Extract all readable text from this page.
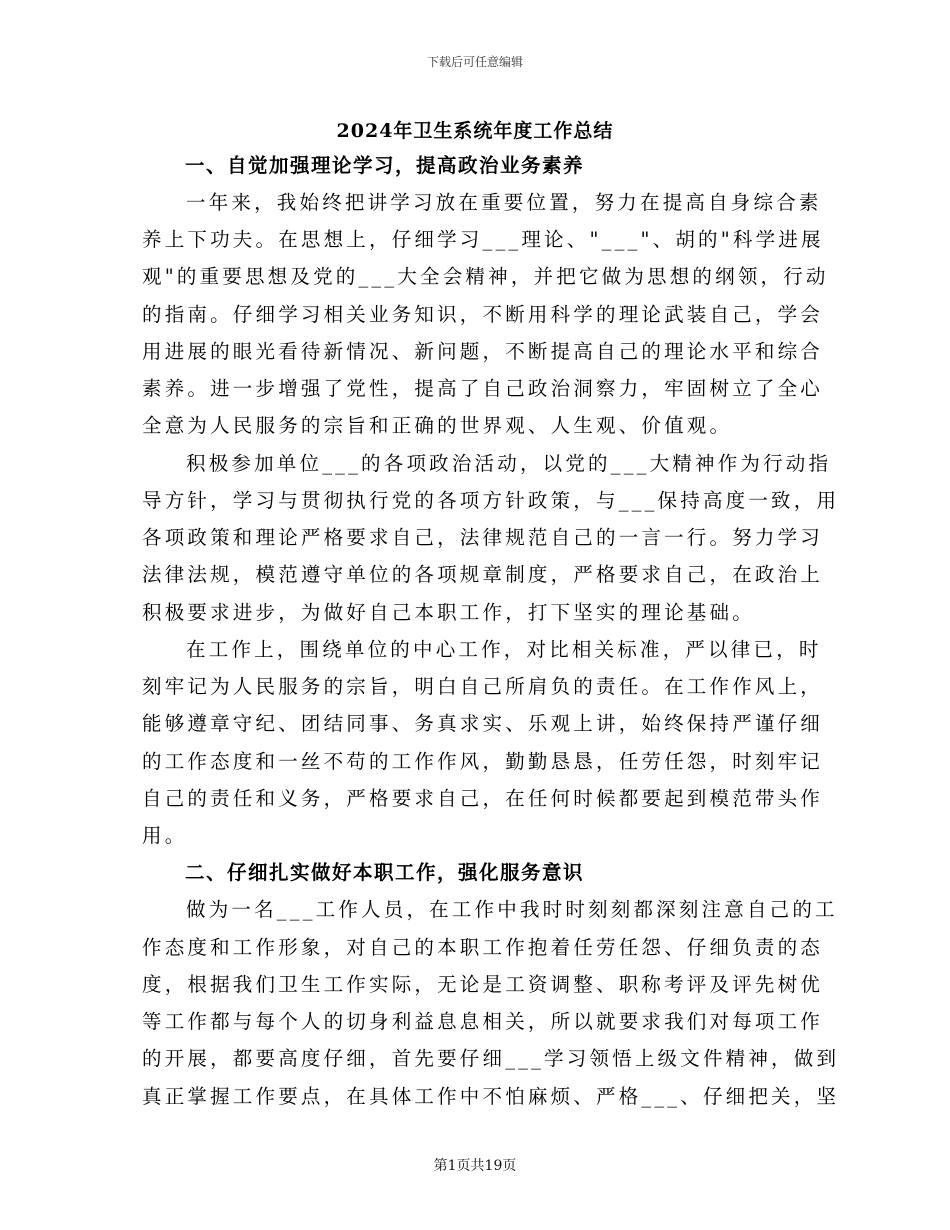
下载后可任意编辑
2024年卫生系统年度工作总结
一、自觉加强理论学习，提高政治业务素养
一年来，我始终把讲学习放在重要位置，努力在提高自身综合素
养上下功夫。在思想上，仔细学习___理论、"___"、胡的"科学进展
观"的重要思想及党的___大全会精神，并把它做为思想的纲领，行动
的指南。仔细学习相关业务知识，不断用科学的理论武装自己，学会
用进展的眼光看待新情况、新问题，不断提高自己的理论水平和综合
素养。进一步增强了党性，提高了自己政治洞察力，牢固树立了全心
全意为人民服务的宗旨和正确的世界观、人生观、价值观。
积极参加单位___的各项政治活动，以党的___大精神作为行动指
导方针，学习与贯彻执行党的各项方针政策，与___保持高度一致，用
各项政策和理论严格要求自己，法律规范自己的一言一行。努力学习
法律法规，模范遵守单位的各项规章制度，严格要求自己，在政治上
积极要求进步，为做好自己本职工作，打下坚实的理论基础。
在工作上，围绕单位的中心工作，对比相关标准，严以律已，时
刻牢记为人民服务的宗旨，明白自己所肩负的责任。在工作作风上，
能够遵章守纪、团结同事、务真求实、乐观上讲，始终保持严谨仔细
的工作态度和一丝不苟的工作作风，勤勤恳恳，任劳任怨，时刻牢记
自己的责任和义务，严格要求自己，在任何时候都要起到模范带头作
用。
二、仔细扎实做好本职工作，强化服务意识
做为一名___工作人员，在工作中我时时刻刻都深刻注意自己的工
作态度和工作形象，对自己的本职工作抱着任劳任怨、仔细负责的态
度，根据我们卫生工作实际，无论是工资调整、职称考评及评先树优
等工作都与每个人的切身利益息息相关，所以就要求我们对每项工作
的开展，都要高度仔细，首先要仔细___学习领悟上级文件精神，做到
真正掌握工作要点，在具体工作中不怕麻烦、严格___、仔细把关，坚
第1页共19页
